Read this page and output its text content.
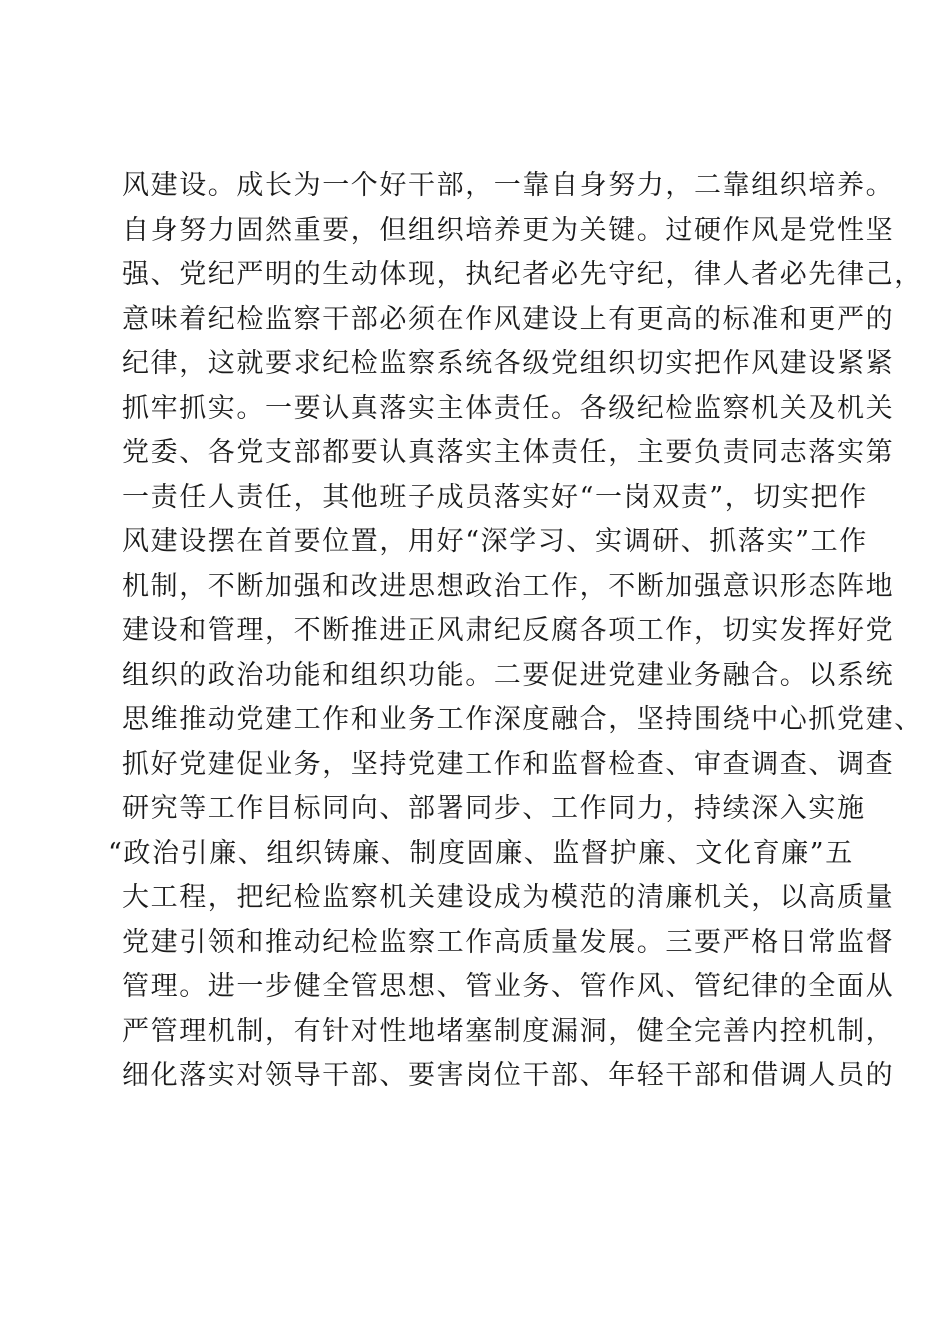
风建设。成长为一个好干部，一靠自身努力，二靠组织培养。
自身努力固然重要，但组织培养更为关键。过硬作风是党性坚
强、党纪严明的生动体现，执纪者必先守纪，律人者必先律己，
意味着纪检监察干部必须在作风建设上有更高的标准和更严的
纪律，这就要求纪检监察系统各级党组织切实把作风建设紧紧
抓牢抓实。一要认真落实主体责任。各级纪检监察机关及机关
党委、各党支部都要认真落实主体责任，主要负责同志落实第
一责任人责任，其他班子成员落实好“一岗双责”，切实把作
风建设摆在首要位置，用好“深学习、实调研、抓落实”工作
机制，不断加强和改进思想政治工作，不断加强意识形态阵地
建设和管理，不断推进正风肃纪反腐各项工作，切实发挥好党
组织的政治功能和组织功能。二要促进党建业务融合。以系统
思维推动党建工作和业务工作深度融合，坚持围绕中心抓党建、
抓好党建促业务，坚持党建工作和监督检查、审查调查、调查
研究等工作目标同向、部署同步、工作同力，持续深入实施
“政治引廉、组织铸廉、制度固廉、监督护廉、文化育廉”五
大工程，把纪检监察机关建设成为模范的清廉机关，以高质量
党建引领和推动纪检监察工作高质量发展。三要严格日常监督
管理。进一步健全管思想、管业务、管作风、管纪律的全面从
严管理机制，有针对性地堵塞制度漏洞，健全完善内控机制，
细化落实对领导干部、要害岗位干部、年轻干部和借调人员的
